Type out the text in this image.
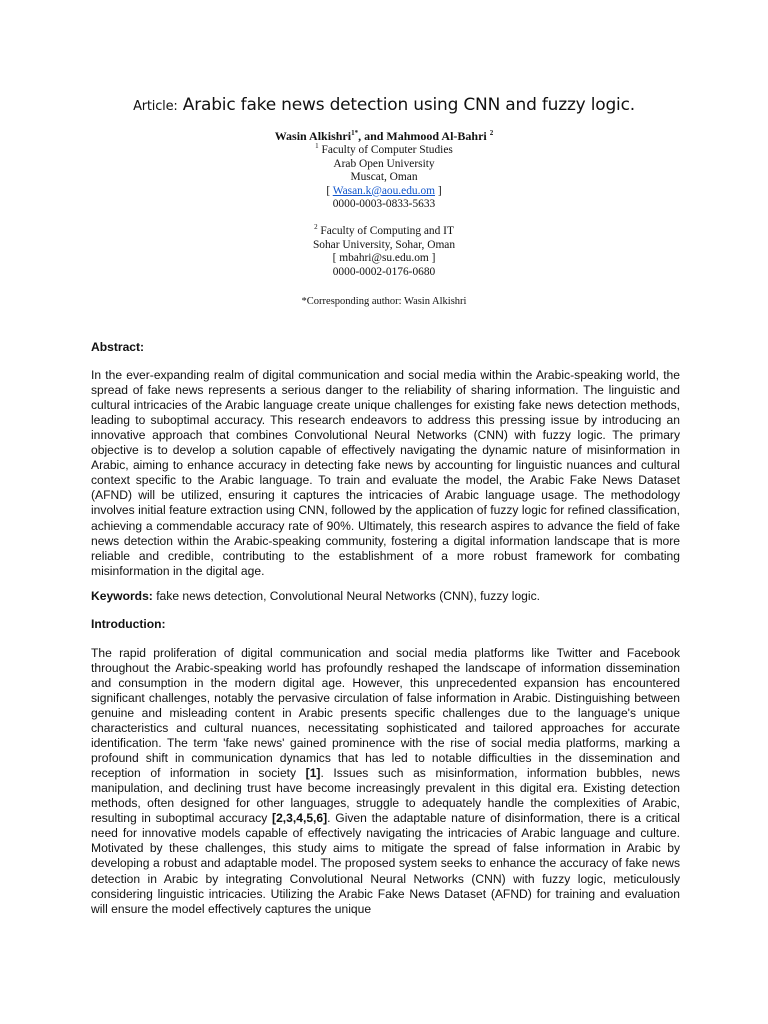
Article: Arabic fake news detection using CNN and fuzzy logic.
Wasin Alkishri$^{1*}$, and Mahmood Al-Bahri $^2$
$^1$ Faculty of Computer Studies
Arab Open University
Muscat, Oman
[ Wasan.k@aou.edu.om ]
0000-0003-0833-5633
$^2$ Faculty of Computing and IT
Sohar University, Sohar, Oman
[ mbahri@su.edu.om ]
0000-0002-0176-0680
*Corresponding author: Wasin Alkishri
Abstract:

In the ever-expanding realm of digital communication and social media within the Arabic-speaking world, the spread of fake news represents a serious danger to the reliability of sharing information. The linguistic and cultural intricacies of the Arabic language create unique challenges for existing fake news detection methods, leading to suboptimal accuracy. This research endeavors to address this pressing issue by introducing an innovative approach that combines Convolutional Neural Networks (CNN) with fuzzy logic. The primary objective is to develop a solution capable of effectively navigating the dynamic nature of misinformation in Arabic, aiming to enhance accuracy in detecting fake news by accounting for linguistic nuances and cultural context specific to the Arabic language. To train and evaluate the model, the Arabic Fake News Dataset (AFND) will be utilized, ensuring it captures the intricacies of Arabic language usage. The methodology involves initial feature extraction using CNN, followed by the application of fuzzy logic for refined classification, achieving a commendable accuracy rate of 90%. Ultimately, this research aspires to advance the field of fake news detection within the Arabic-speaking community, fostering a digital information landscape that is more reliable and credible, contributing to the establishment of a more robust framework for combating misinformation in the digital age.

Keywords: fake news detection, Convolutional Neural Networks (CNN), fuzzy logic.

Introduction:

The rapid proliferation of digital communication and social media platforms like Twitter and Facebook throughout the Arabic-speaking world has profoundly reshaped the landscape of information dissemination and consumption in the modern digital age. However, this unprecedented expansion has encountered significant challenges, notably the pervasive circulation of false information in Arabic. Distinguishing between genuine and misleading content in Arabic presents specific challenges due to the language's unique characteristics and cultural nuances, necessitating sophisticated and tailored approaches for accurate identification. The term 'fake news' gained prominence with the rise of social media platforms, marking a profound shift in communication dynamics that has led to notable difficulties in the dissemination and reception of information in society [1]. Issues such as misinformation, information bubbles, news manipulation, and declining trust have become increasingly prevalent in this digital era. Existing detection methods, often designed for other languages, struggle to adequately handle the complexities of Arabic, resulting in suboptimal accuracy [2,3,4,5,6]. Given the adaptable nature of disinformation, there is a critical need for innovative models capable of effectively navigating the intricacies of Arabic language and culture. Motivated by these challenges, this study aims to mitigate the spread of false information in Arabic by developing a robust and adaptable model. The proposed system seeks to enhance the accuracy of fake news detection in Arabic by integrating Convolutional Neural Networks (CNN) with fuzzy logic, meticulously considering linguistic intricacies. Utilizing the Arabic Fake News Dataset (AFND) for training and evaluation will ensure the model effectively captures the unique
